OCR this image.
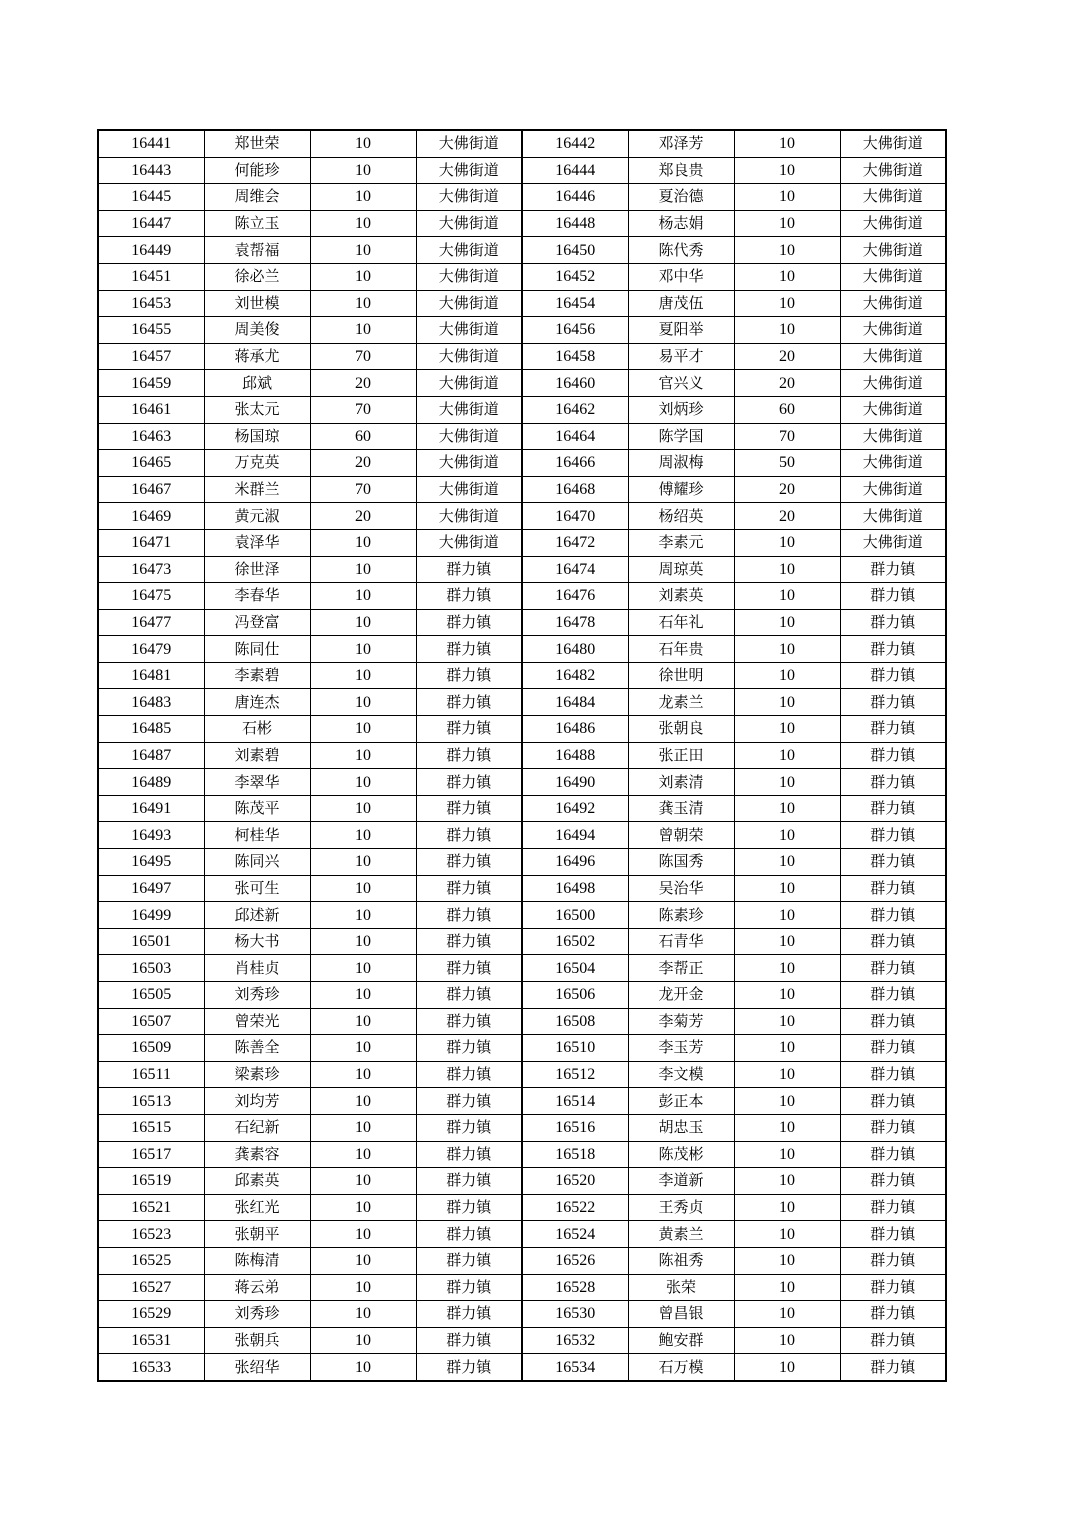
16441	郑世荣	10	大佛街道	16442	邓泽芳	10	大佛街道
16443	何能珍	10	大佛街道	16444	郑良贵	10	大佛街道
16445	周维会	10	大佛街道	16446	夏治德	10	大佛街道
16447	陈立玉	10	大佛街道	16448	杨志娟	10	大佛街道
16449	袁帮福	10	大佛街道	16450	陈代秀	10	大佛街道
16451	徐必兰	10	大佛街道	16452	邓中华	10	大佛街道
16453	刘世模	10	大佛街道	16454	唐茂伍	10	大佛街道
16455	周美俊	10	大佛街道	16456	夏阳举	10	大佛街道
16457	蒋承尤	70	大佛街道	16458	易平才	20	大佛街道
16459	邱斌	20	大佛街道	16460	官兴义	20	大佛街道
16461	张太元	70	大佛街道	16462	刘炳珍	60	大佛街道
16463	杨国琼	60	大佛街道	16464	陈学国	70	大佛街道
16465	万克英	20	大佛街道	16466	周淑梅	50	大佛街道
16467	米群兰	70	大佛街道	16468	傅耀珍	20	大佛街道
16469	黄元淑	20	大佛街道	16470	杨绍英	20	大佛街道
16471	袁泽华	10	大佛街道	16472	李素元	10	大佛街道
16473	徐世泽	10	群力镇	16474	周琼英	10	群力镇
16475	李春华	10	群力镇	16476	刘素英	10	群力镇
16477	冯登富	10	群力镇	16478	石年礼	10	群力镇
16479	陈同仕	10	群力镇	16480	石年贵	10	群力镇
16481	李素碧	10	群力镇	16482	徐世明	10	群力镇
16483	唐连杰	10	群力镇	16484	龙素兰	10	群力镇
16485	石彬	10	群力镇	16486	张朝良	10	群力镇
16487	刘素碧	10	群力镇	16488	张正田	10	群力镇
16489	李翠华	10	群力镇	16490	刘素清	10	群力镇
16491	陈茂平	10	群力镇	16492	龚玉清	10	群力镇
16493	柯桂华	10	群力镇	16494	曾朝荣	10	群力镇
16495	陈同兴	10	群力镇	16496	陈国秀	10	群力镇
16497	张可生	10	群力镇	16498	吴治华	10	群力镇
16499	邱述新	10	群力镇	16500	陈素珍	10	群力镇
16501	杨大书	10	群力镇	16502	石青华	10	群力镇
16503	肖桂贞	10	群力镇	16504	李帮正	10	群力镇
16505	刘秀珍	10	群力镇	16506	龙开金	10	群力镇
16507	曾荣光	10	群力镇	16508	李菊芳	10	群力镇
16509	陈善全	10	群力镇	16510	李玉芳	10	群力镇
16511	梁素珍	10	群力镇	16512	李文模	10	群力镇
16513	刘均芳	10	群力镇	16514	彭正本	10	群力镇
16515	石纪新	10	群力镇	16516	胡忠玉	10	群力镇
16517	龚素容	10	群力镇	16518	陈茂彬	10	群力镇
16519	邱素英	10	群力镇	16520	李道新	10	群力镇
16521	张红光	10	群力镇	16522	王秀贞	10	群力镇
16523	张朝平	10	群力镇	16524	黄素兰	10	群力镇
16525	陈梅清	10	群力镇	16526	陈祖秀	10	群力镇
16527	蒋云弟	10	群力镇	16528	张荣	10	群力镇
16529	刘秀珍	10	群力镇	16530	曾昌银	10	群力镇
16531	张朝兵	10	群力镇	16532	鲍安群	10	群力镇
16533	张绍华	10	群力镇	16534	石万模	10	群力镇
